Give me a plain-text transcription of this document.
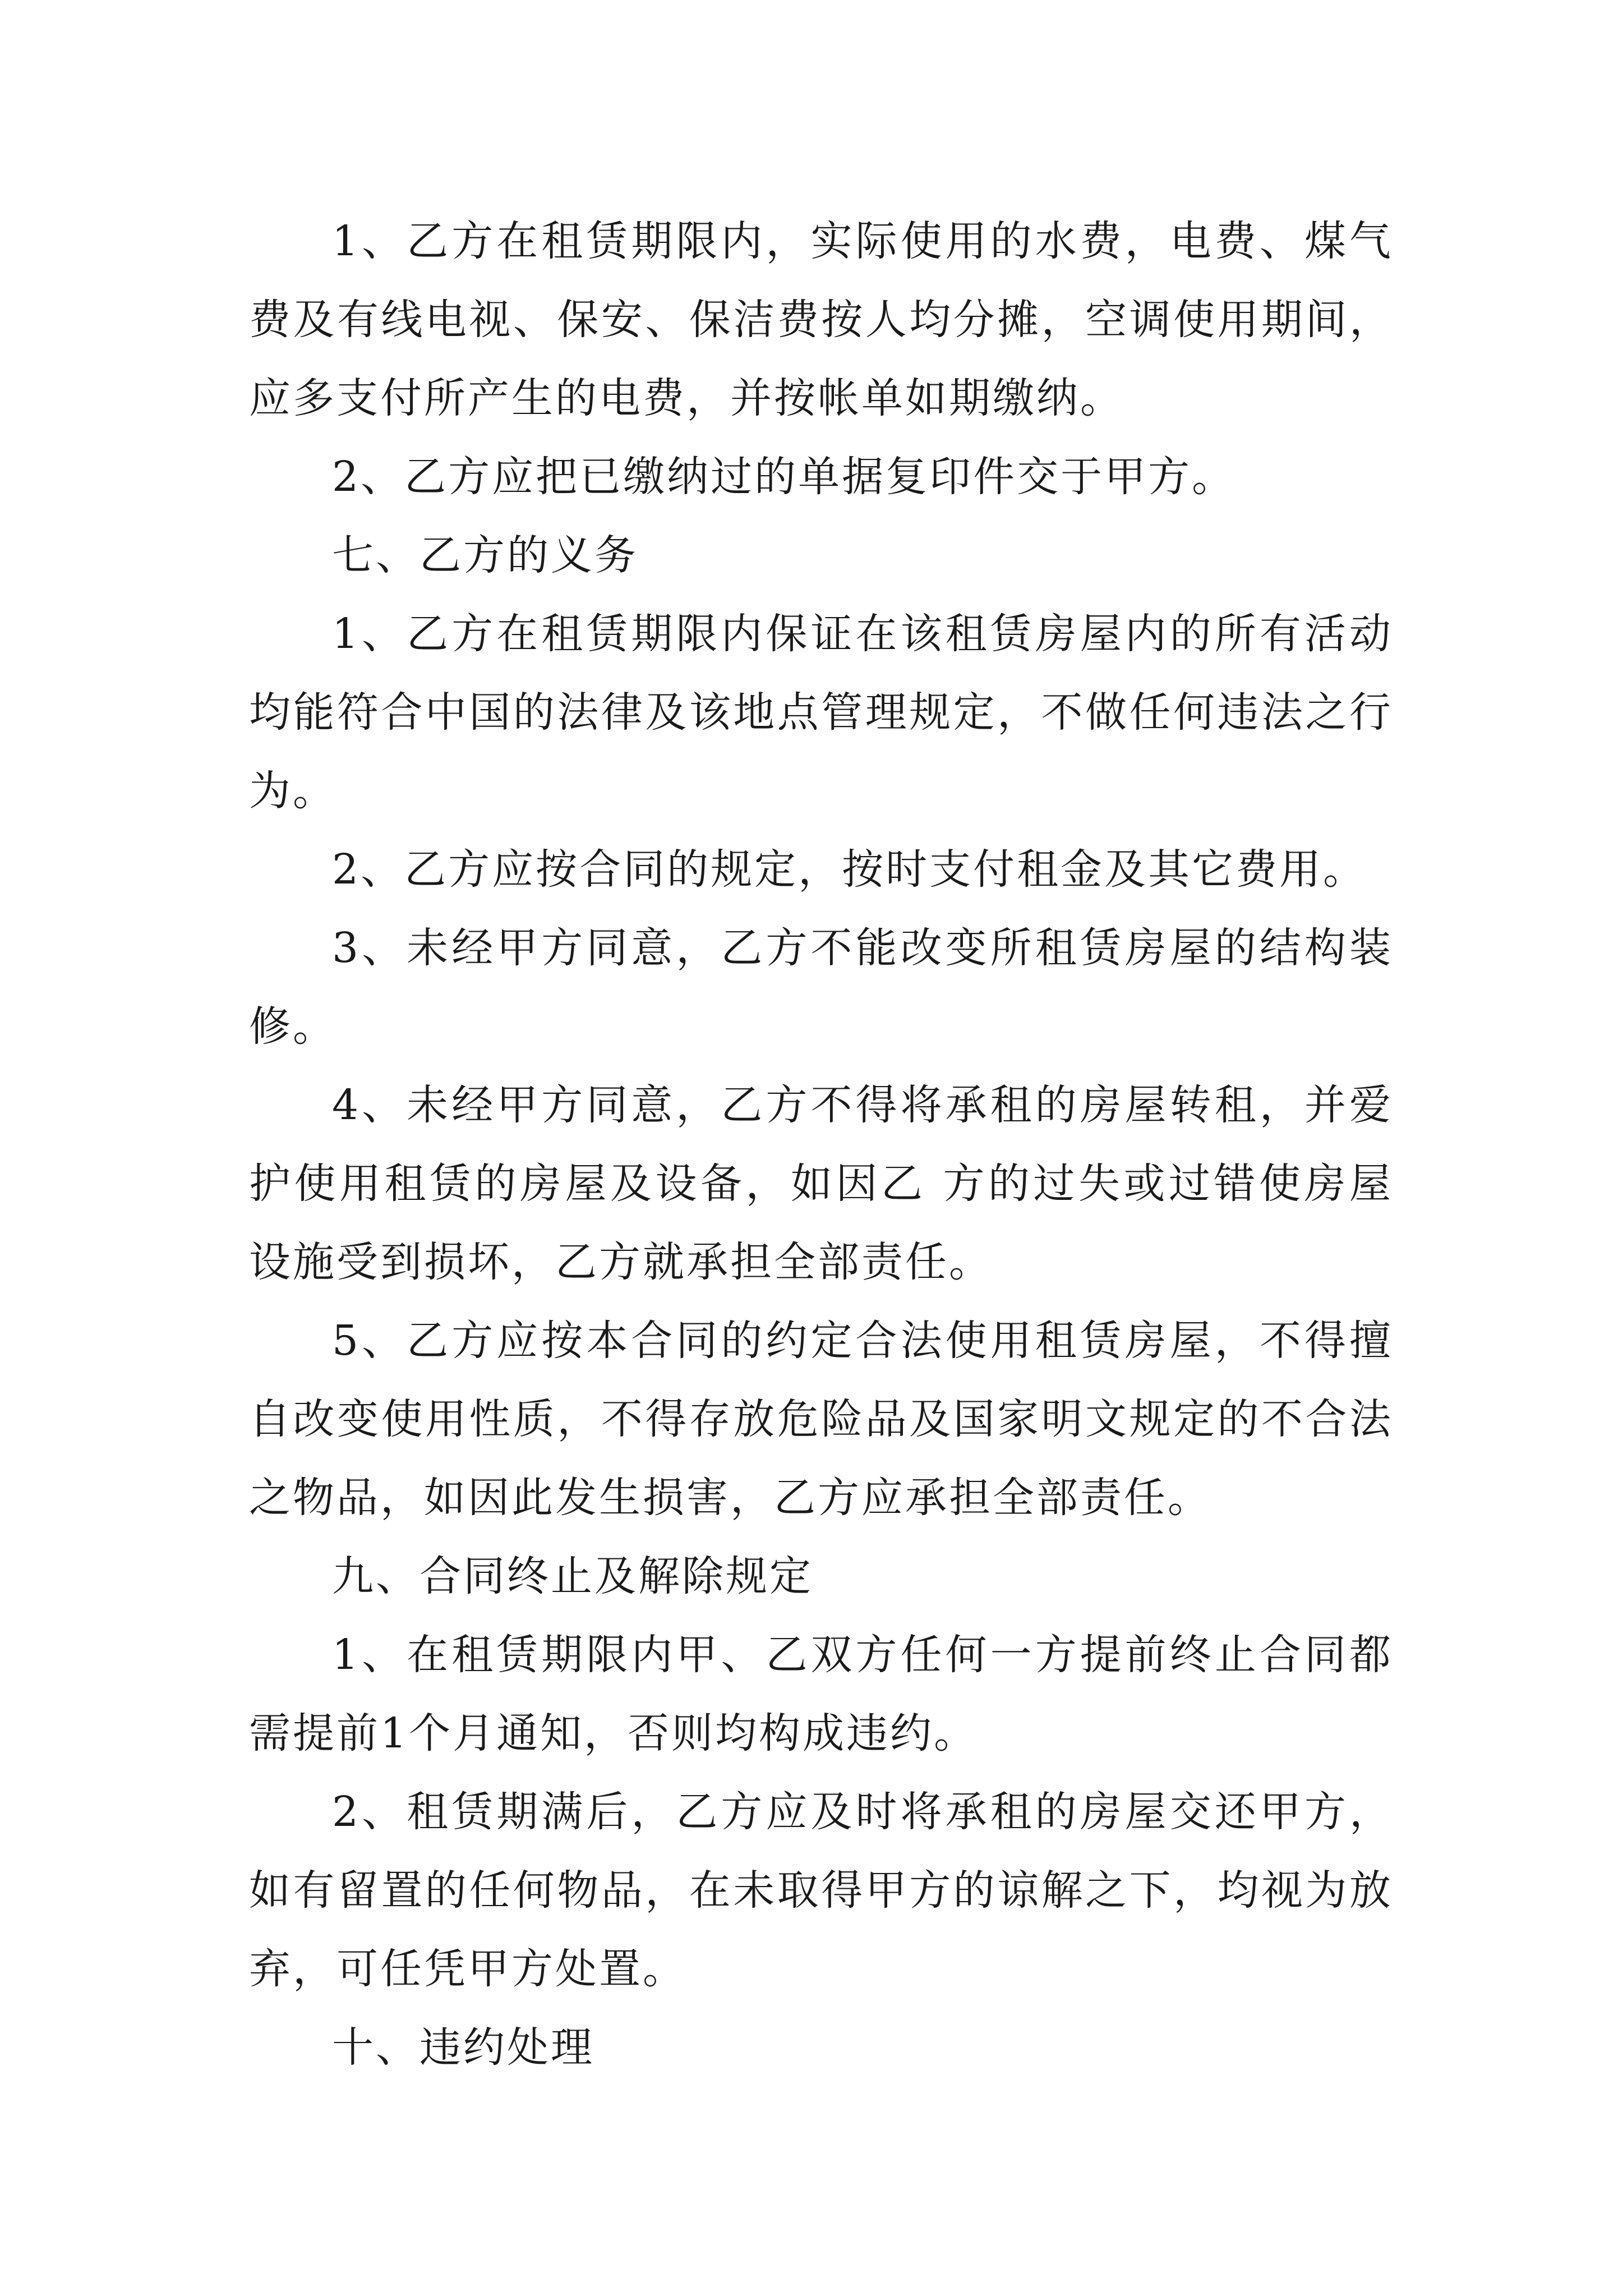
1、乙方在租赁期限内，实际使用的水费，电费、煤气费及有线电视、保安、保洁费按人均分摊，空调使用期间，应多支付所产生的电费，并按帐单如期缴纳。

2、乙方应把已缴纳过的单据复印件交于甲方。

七、乙方的义务

1、乙方在租赁期限内保证在该租赁房屋内的所有活动均能符合中国的法律及该地点管理规定，不做任何违法之行为。

2、乙方应按合同的规定，按时支付租金及其它费用。

3、未经甲方同意，乙方不能改变所租赁房屋的结构装修。

4、未经甲方同意，乙方不得将承租的房屋转租，并爱护使用租赁的房屋及设备，如因乙 方的过失或过错使房屋设施受到损坏，乙方就承担全部责任。

5、乙方应按本合同的约定合法使用租赁房屋，不得擅自改变使用性质，不得存放危险品及国家明文规定的不合法之物品，如因此发生损害，乙方应承担全部责任。

九、合同终止及解除规定

1、在租赁期限内甲、乙双方任何一方提前终止合同都需提前1个月通知，否则均构成违约。

2、租赁期满后，乙方应及时将承租的房屋交还甲方，如有留置的任何物品，在未取得甲方的谅解之下，均视为放弃，可任凭甲方处置。

十、违约处理
